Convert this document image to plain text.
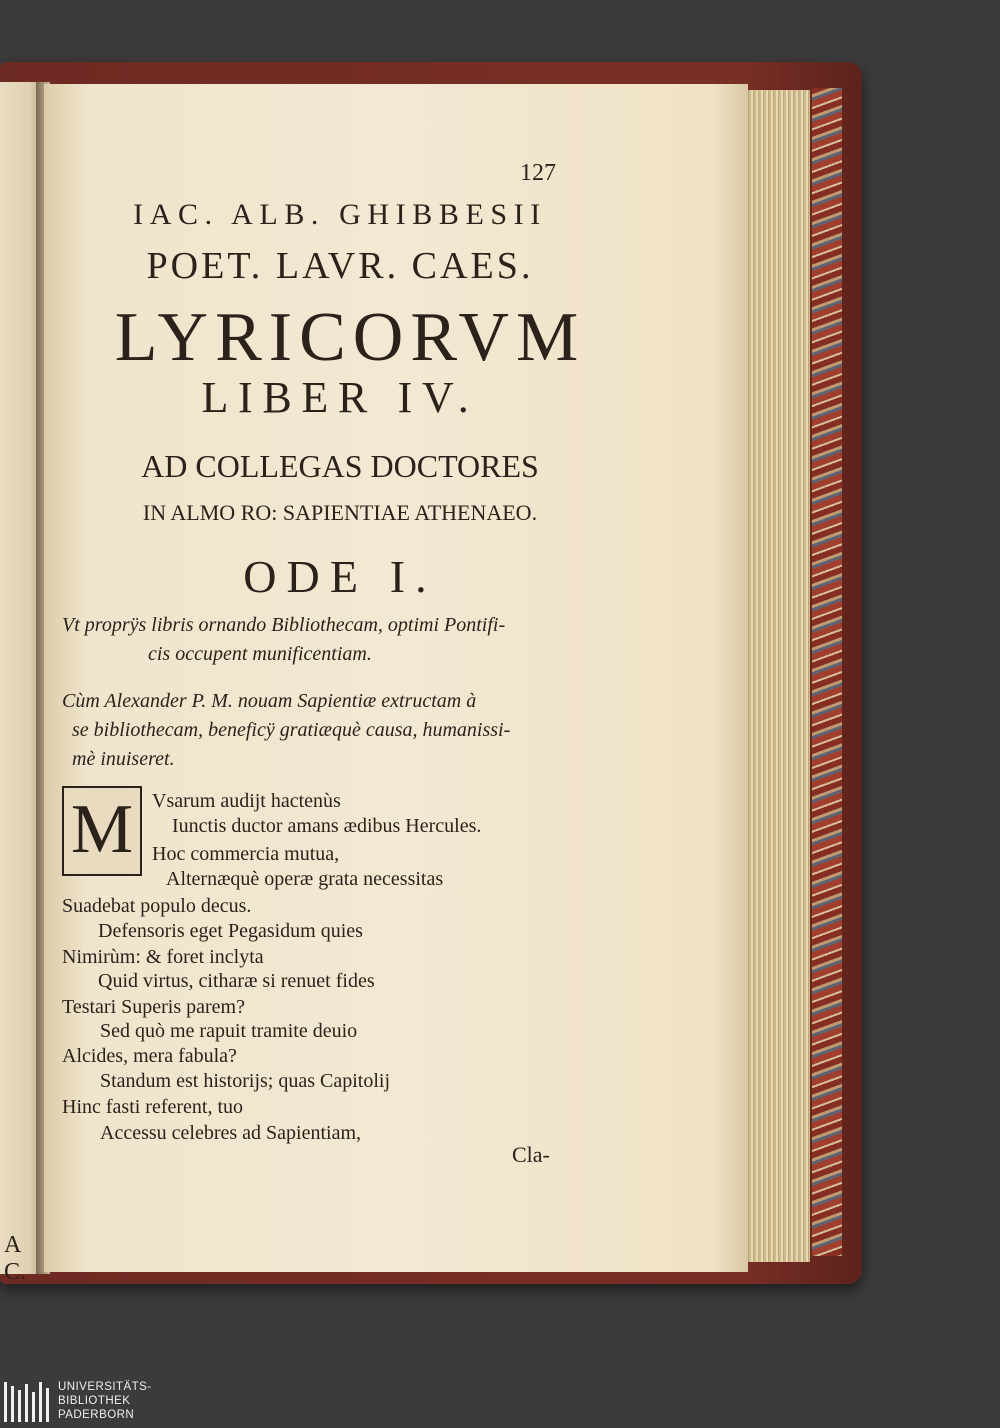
A C.
127
IAC. ALB. GHIBBESII
POET. LAVR. CAES.
LYRICORVM
LIBER IV.
AD COLLEGAS DOCTORES
IN ALMO RO: SAPIENTIAE ATHENAEO.
ODE I.
Vt proprÿs libris ornando Bibliothecam, optimi Pontifi-
cis occupent munificentiam.
Cùm Alexander P. M. nouam Sapientiæ extructam à
se bibliothecam, beneficÿ gratiæquè causa, humanissi-
mè inuiseret.
M Vsarum audijt hactenùs
Iunctis ductor amans ædibus Hercules.
Hoc commercia mutua,
Alternæquè operæ grata necessitas
Suadebat populo decus.
Defensoris eget Pegasidum quies
Nimirùm: & foret inclyta
Quid virtus, citharæ si renuet fides
Testari Superis parem?
Sed quò me rapuit tramite deuio
Alcides, mera fabula?
Standum est historijs; quas Capitolij
Hinc fasti referent, tuo
Accessu celebres ad Sapientiam,
Cla-
UNIVERSITÄTS-
BIBLIOTHEK
PADERBORN
